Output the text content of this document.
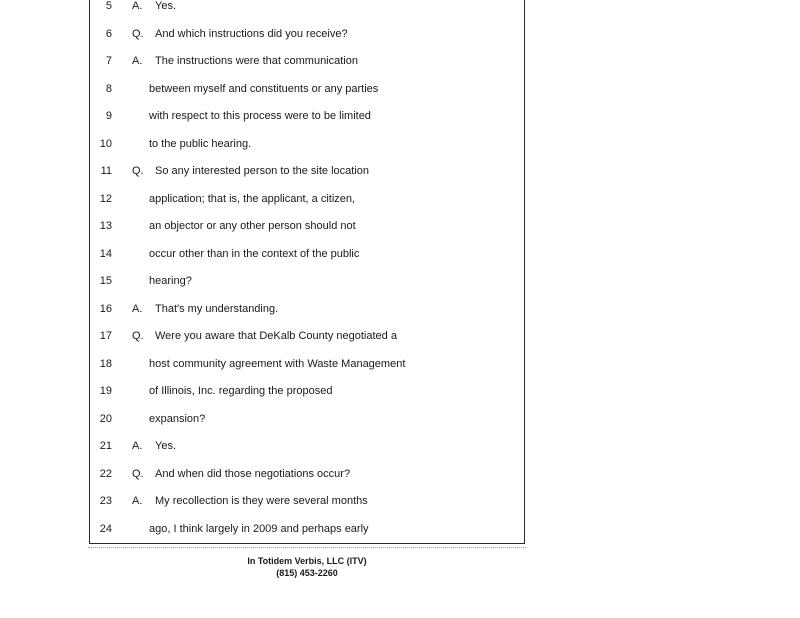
5 A. Yes.
6 Q. And which instructions did you receive?
7 A. The instructions were that communication
8	between myself and constituents or any parties
9	with respect to this process were to be limited
10	to the public hearing.
11 Q. So any interested person to the site location
12	application; that is, the applicant, a citizen,
13	an objector or any other person should not
14	occur other than in the context of the public
15	hearing?
16 A. That's my understanding.
17 Q. Were you aware that DeKalb County negotiated a
18	host community agreement with Waste Management
19	of Illinois, Inc. regarding the proposed
20	expansion?
21 A. Yes.
22 Q. And when did those negotiations occur?
23 A. My recollection is they were several months
24	ago, I think largely in 2009 and perhaps early
In Totidem Verbis, LLC (ITV)
(815) 453-2260
